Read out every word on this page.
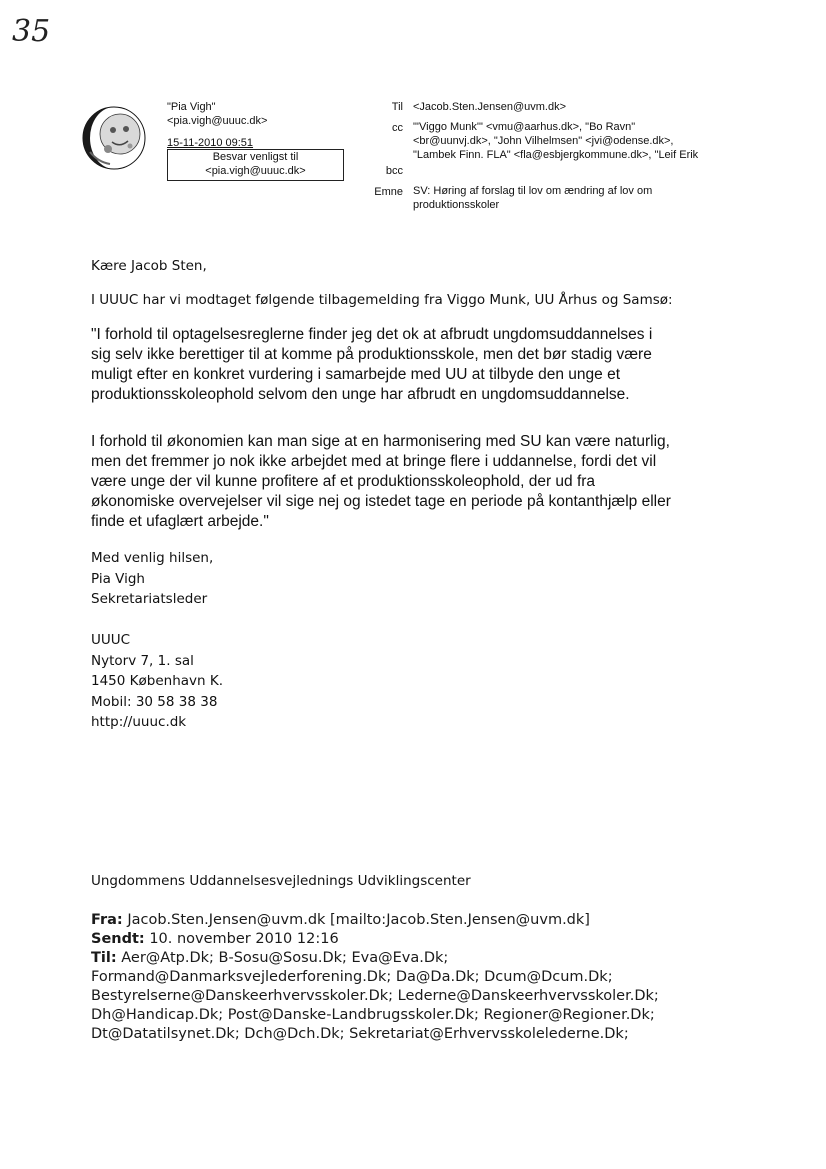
35
"Pia Vigh"
<pia.vigh@uuuc.dk>
15-11-2010 09:51
Besvar venligst til
<pia.vigh@uuuc.dk>
Til <Jacob.Sten.Jensen@uvm.dk>
cc "'Viggo Munk'" <vmu@aarhus.dk>, "Bo Ravn"
<br@uunvj.dk>, "John Vilhelmsen" <jvi@odense.dk>,
"Lambek Finn. FLA" <fla@esbjergkommune.dk>, "Leif Erik
bcc
Emne SV: Høring af forslag til lov om ændring af lov om
produktionsskoler
Kære Jacob Sten,
I UUUC har vi modtaget følgende tilbagemelding fra Viggo Munk, UU Århus og Samsø:
"I forhold til optagelsesreglerne finder jeg det ok at afbrudt ungdomsuddannelses i
sig selv ikke berettiger til at komme på produktionsskole, men det bør stadig være
muligt efter en konkret vurdering i samarbejde med UU at tilbyde den unge et
produktionsskoleophold selvom den unge har afbrudt en ungdomsuddannelse.
I forhold til økonomien kan man sige at en harmonisering med SU kan være naturlig,
men det fremmer jo nok ikke arbejdet med at bringe flere i uddannelse, fordi det vil
være unge der vil kunne profitere af et produktionsskoleophold, der ud fra
økonomiske overvejelser vil sige nej og istedet tage en periode på kontanthjælp eller
finde et ufaglært arbejde."
Med venlig hilsen,
Pia Vigh
Sekretariatsleder
UUUC
Nytorv 7, 1. sal
1450 København K.
Mobil: 30 58 38 38
http://uuuc.dk
Ungdommens Uddannelsesvejlednings Udviklingscenter
Fra: Jacob.Sten.Jensen@uvm.dk [mailto:Jacob.Sten.Jensen@uvm.dk]
Sendt: 10. november 2010 12:16
Til: Aer@Atp.Dk; B-Sosu@Sosu.Dk; Eva@Eva.Dk;
Formand@Danmarksvejlederforening.Dk; Da@Da.Dk; Dcum@Dcum.Dk;
Bestyrelserne@Danskeerhvervsskoler.Dk; Lederne@Danskeerhvervsskoler.Dk;
Dh@Handicap.Dk; Post@Danske-Landbrugsskoler.Dk; Regioner@Regioner.Dk;
Dt@Datatilsynet.Dk; Dch@Dch.Dk; Sekretariat@Erhvervsskolelederne.Dk;
